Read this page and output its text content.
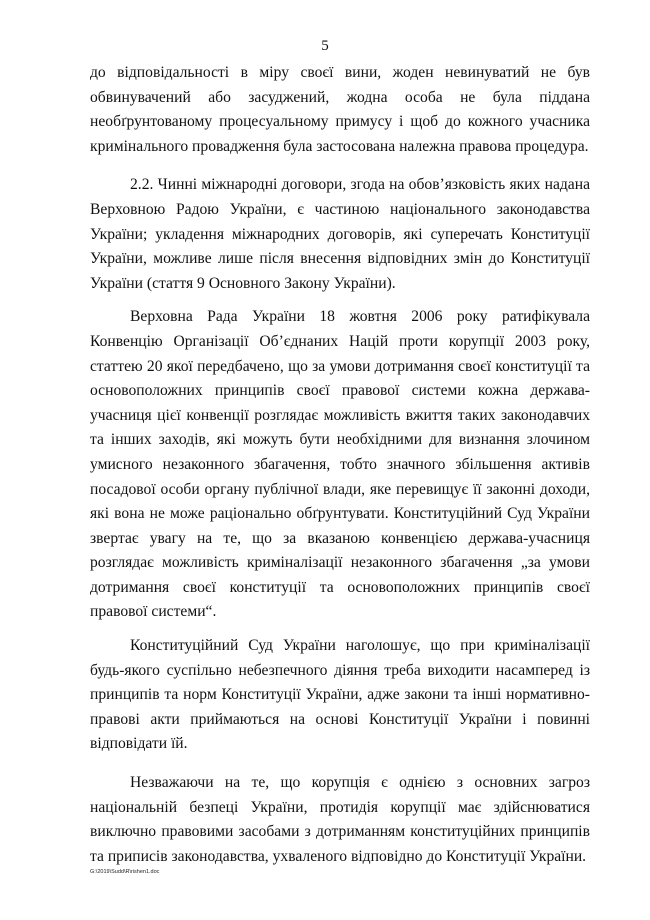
5

до відповідальності в міру своєї вини, жоден невинуватий не був обвинувачений або засуджений, жодна особа не була піддана необґрунтованому процесуальному примусу і щоб до кожного учасника кримінального провадження була застосована належна правова процедура.

2.2. Чинні міжнародні договори, згода на обов’язковість яких надана Верховною Радою України, є частиною національного законодавства України; укладення міжнародних договорів, які суперечать Конституції України, можливе лише після внесення відповідних змін до Конституції України (стаття 9 Основного Закону України).

Верховна Рада України 18 жовтня 2006 року ратифікувала Конвенцію Організації Об’єднаних Націй проти корупції 2003 року, статтею 20 якої передбачено, що за умови дотримання своєї конституції та основоположних принципів своєї правової системи кожна держава-учасниця цієї конвенції розглядає можливість вжиття таких законодавчих та інших заходів, які можуть бути необхідними для визнання злочином умисного незаконного збагачення, тобто значного збільшення активів посадової особи органу публічної влади, яке перевищує її законні доходи, які вона не може раціонально обґрунтувати. Конституційний Суд України звертає увагу на те, що за вказаною конвенцією держава-учасниця розглядає можливість криміналізації незаконного збагачення „за умови дотримання своєї конституції та основоположних принципів своєї правової системи“.

Конституційний Суд України наголошує, що при криміналізації будь-якого суспільно небезпечного діяння треба виходити насамперед із принципів та норм Конституції України, адже закони та інші нормативно-правові акти приймаються на основі Конституції України і повинні відповідати їй.

Незважаючи на те, що корупція є однією з основних загроз національній безпеці України, протидія корупції має здійснюватися виключно правовими засобами з дотриманням конституційних принципів та приписів законодавства, ухваленого відповідно до Конституції України.

G:\2019\Sudd\R\rishen1.doc
